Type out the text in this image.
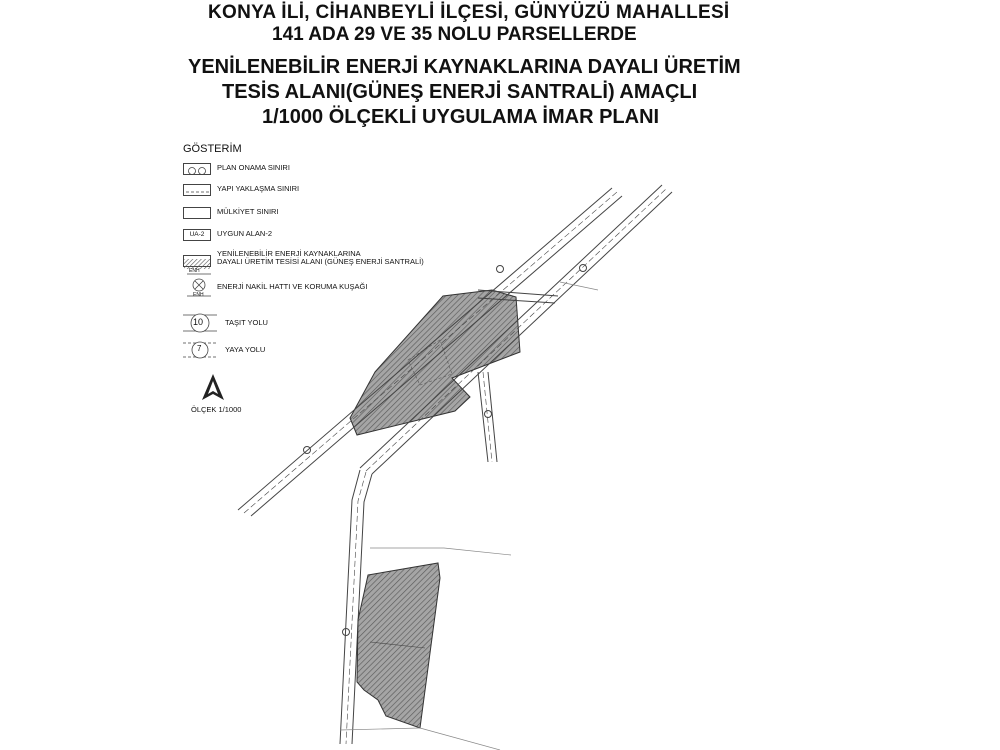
KONYA İLİ, CİHANBEYLİ İLÇESİ, GÜNYÜZÜ MAHALLESİ
141 ADA 29 VE 35 NOLU PARSELLERDE
YENİLENEBİLİR ENERJİ KAYNAKLARINA DAYALI ÜRETİM
TESİS ALANI(GÜNEŞ ENERJİ SANTRALİ) AMAÇLI
1/1000 ÖLÇEKLİ UYGULAMA İMAR PLANI
GÖSTERİM
PLAN ONAMA SINIRI
YAPI YAKLAŞMA SINIRI
MÜLKİYET SINIRI
UA-2	UYGUN ALAN-2
YENİLENEBİLİR ENERJİ KAYNAKLARINA
DAYALI ÜRETİM TESİSİ ALANI (GÜNEŞ ENERJİ SANTRALİ)
ENH
ENH
ENERJİ NAKİL HATTI VE KORUMA KUŞAĞI
10	TAŞIT YOLU
7	YAYA YOLU
ÖLÇEK 1/1000
